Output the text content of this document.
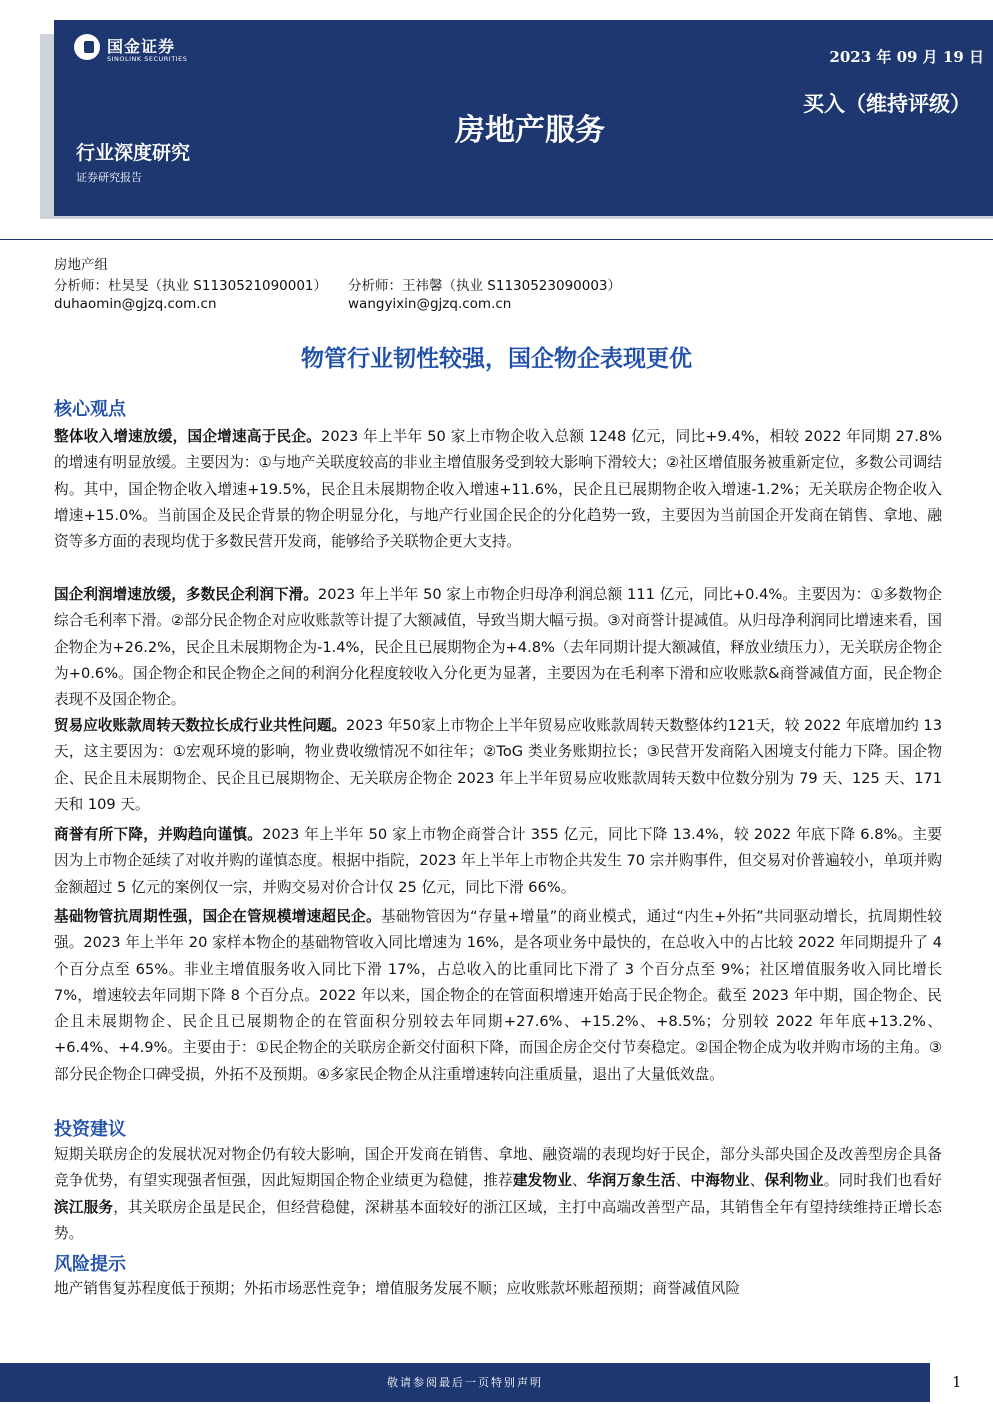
国金证券
SINOLINK SECURITIES	2023 年 09 月 19 日
买入（维持评级）
房地产服务
行业深度研究
证券研究报告
房地产组
分析师：杜昊旻（执业 S1130521090001） 分析师：王祎馨（执业 S1130523090003）
duhaomin@gjzq.com.cn	wangyixin@gjzq.com.cn
物管行业韧性较强，国企物企表现更优
核心观点
整体收入增速放缓，国企增速高于民企。2023 年上半年 50 家上市物企收入总额 1248 亿元，同比+9.4%，相较 2022 年同期 27.8%的增速有明显放缓。主要因为：①与地产关联度较高的非业主增值服务受到较大影响下滑较大；②社区增值服务被重新定位，多数公司调结构。其中，国企物企收入增速+19.5%，民企且未展期物企收入增速+11.6%，民企且已展期物企收入增速-1.2%；无关联房企物企收入增速+15.0%。当前国企及民企背景的物企明显分化，与地产行业国企民企的分化趋势一致，主要因为当前国企开发商在销售、拿地、融资等多方面的表现均优于多数民营开发商，能够给予关联物企更大支持。
国企利润增速放缓，多数民企利润下滑。2023 年上半年 50 家上市物企归母净利润总额 111 亿元，同比+0.4%。主要因为：①多数物企综合毛利率下滑。②部分民企物企对应收账款等计提了大额减值，导致当期大幅亏损。③对商誉计提减值。从归母净利润同比增速来看，国企物企为+26.2%，民企且未展期物企为-1.4%，民企且已展期物企为+4.8%（去年同期计提大额减值，释放业绩压力），无关联房企物企为+0.6%。国企物企和民企物企之间的利润分化程度较收入分化更为显著，主要因为在毛利率下滑和应收账款&商誉减值方面，民企物企表现不及国企物企。
贸易应收账款周转天数拉长成行业共性问题。2023 年50家上市物企上半年贸易应收账款周转天数整体约121天，较 2022 年底增加约 13 天，这主要因为：①宏观环境的影响，物业费收缴情况不如往年；②ToG 类业务账期拉长；③民营开发商陷入困境支付能力下降。国企物企、民企且未展期物企、民企且已展期物企、无关联房企物企 2023 年上半年贸易应收账款周转天数中位数分别为 79 天、125 天、171 天和 109 天。
商誉有所下降，并购趋向谨慎。2023 年上半年 50 家上市物企商誉合计 355 亿元，同比下降 13.4%，较 2022 年底下降 6.8%。主要因为上市物企延续了对收并购的谨慎态度。根据中指院，2023 年上半年上市物企共发生 70 宗并购事件，但交易对价普遍较小，单项并购金额超过 5 亿元的案例仅一宗，并购交易对价合计仅 25 亿元，同比下滑 66%。
基础物管抗周期性强，国企在管规模增速超民企。基础物管因为“存量+增量”的商业模式，通过“内生+外拓”共同驱动增长，抗周期性较强。2023 年上半年 20 家样本物企的基础物管收入同比增速为 16%，是各项业务中最快的，在总收入中的占比较 2022 年同期提升了 4 个百分点至 65%。非业主增值服务收入同比下滑 17%，占总收入的比重同比下滑了 3 个百分点至 9%；社区增值服务收入同比增长 7%，增速较去年同期下降 8 个百分点。2022 年以来，国企物企的在管面积增速开始高于民企物企。截至 2023 年中期，国企物企、民企且未展期物企、民企且已展期物企的在管面积分别较去年同期+27.6%、+15.2%、+8.5%；分别较 2022 年年底+13.2%、+6.4%、+4.9%。主要由于：①民企物企的关联房企新交付面积下降，而国企房企交付节奏稳定。②国企物企成为收并购市场的主角。③部分民企物企口碑受损，外拓不及预期。④多家民企物企从注重增速转向注重质量，退出了大量低效盘。
投资建议
短期关联房企的发展状况对物企仍有较大影响，国企开发商在销售、拿地、融资端的表现均好于民企，部分头部央国企及改善型房企具备竞争优势，有望实现强者恒强，因此短期国企物企业绩更为稳健，推荐建发物业、华润万象生活、中海物业、保利物业。同时我们也看好滨江服务，其关联房企虽是民企，但经营稳健，深耕基本面较好的浙江区域，主打中高端改善型产品，其销售全年有望持续维持正增长态势。
风险提示
地产销售复苏程度低于预期；外拓市场恶性竞争；增值服务发展不顺；应收账款坏账超预期；商誉减值风险
敬请参阅最后一页特别声明	1
